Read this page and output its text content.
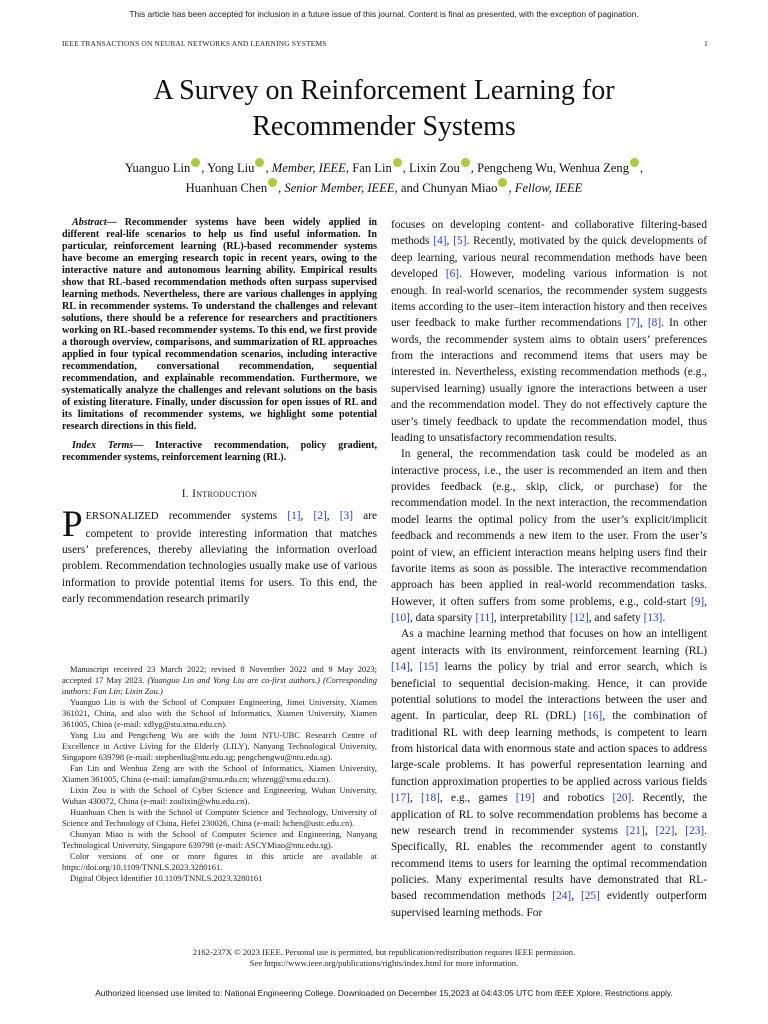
This article has been accepted for inclusion in a future issue of this journal. Content is final as presented, with the exception of pagination.
IEEE TRANSACTIONS ON NEURAL NETWORKS AND LEARNING SYSTEMS	1
A Survey on Reinforcement Learning for
Recommender Systems
Yuanguo Lin , Yong Liu , Member, IEEE, Fan Lin , Lixin Zou , Pengcheng Wu, Wenhua Zeng ,
Huanhuan Chen , Senior Member, IEEE, and Chunyan Miao , Fellow, IEEE

Abstract— Recommender systems have been widely applied in different real-life scenarios to help us find useful information. In particular, reinforcement learning (RL)-based recommender systems have become an emerging research topic in recent years, owing to the interactive nature and autonomous learning ability. Empirical results show that RL-based recommendation methods often surpass supervised learning methods. Nevertheless, there are various challenges in applying RL in recommender systems. To understand the challenges and relevant solutions, there should be a reference for researchers and practitioners working on RL-based recommender systems. To this end, we first provide a thorough overview, comparisons, and summarization of RL approaches applied in four typical recommendation scenarios, including interactive recommendation, conversational recommendation, sequential recommendation, and explainable recommendation. Furthermore, we systematically analyze the challenges and relevant solutions on the basis of existing literature. Finally, under discussion for open issues of RL and its limitations of recommender systems, we highlight some potential research directions in this field.

Index Terms— Interactive recommendation, policy gradient, recommender systems, reinforcement learning (RL).

I. Introduction

PERSONALIZED recommender systems [1], [2], [3] are competent to provide interesting information that matches users’ preferences, thereby alleviating the information overload problem. Recommendation technologies usually make use of various information to provide potential items for users. To this end, the early recommendation research primarily

Manuscript received 23 March 2022; revised 8 November 2022 and 9 May 2023; accepted 17 May 2023. (Yuanguo Lin and Yong Liu are co-first authors.) (Corresponding authors: Fan Lin; Lixin Zou.)

Yuanguo Lin is with the School of Computer Engineering, Jimei University, Xiamen 361021, China, and also with the School of Informatics, Xiamen University, Xiamen 361005, China (e-mail: xdlyg@stu.xmu.edu.cn).

Yong Liu and Pengcheng Wu are with the Joint NTU-UBC Research Centre of Excellence in Active Living for the Elderly (LILY), Nanyang Technological University, Singapore 639798 (e-mail: stephenliu@ntu.edu.sg; pengchengwu@ntu.edu.sg).

Fan Lin and Wenhua Zeng are with the School of Informatics, Xiamen University, Xiamen 361005, China (e-mail: iamafan@xmu.edu.cn; whzeng@xmu.edu.cn).

Lixin Zou is with the School of Cyber Science and Engineering, Wuhan University, Wuhan 430072, China (e-mail: zoulixin@whu.edu.cn).

Huanhuan Chen is with the School of Computer Science and Technology, University of Science and Technology of China, Hefei 230026, China (e-mail: hchen@ustc.edu.cn).

Chunyan Miao is with the School of Computer Science and Engineering, Nanyang Technological University, Singapore 639798 (e-mail: ASCYMiao@ntu.edu.sg).

Color versions of one or more figures in this article are available at https://doi.org/10.1109/TNNLS.2023.3280161.

Digital Object Identifier 10.1109/TNNLS.2023.3280161

focuses on developing content- and collaborative filtering-based methods [4], [5]. Recently, motivated by the quick developments of deep learning, various neural recommendation methods have been developed [6]. However, modeling various information is not enough. In real-world scenarios, the recommender system suggests items according to the user–item interaction history and then receives user feedback to make further recommendations [7], [8]. In other words, the recommender system aims to obtain users’ preferences from the interactions and recommend items that users may be interested in. Nevertheless, existing recommendation methods (e.g., supervised learning) usually ignore the interactions between a user and the recommendation model. They do not effectively capture the user’s timely feedback to update the recommendation model, thus leading to unsatisfactory recommendation results.

In general, the recommendation task could be modeled as an interactive process, i.e., the user is recommended an item and then provides feedback (e.g., skip, click, or purchase) for the recommendation model. In the next interaction, the recommendation model learns the optimal policy from the user’s explicit/implicit feedback and recommends a new item to the user. From the user’s point of view, an efficient interaction means helping users find their favorite items as soon as possible. The interactive recommendation approach has been applied in real-world recommendation tasks. However, it often suffers from some problems, e.g., cold-start [9], [10], data sparsity [11], interpretability [12], and safety [13].

As a machine learning method that focuses on how an intelligent agent interacts with its environment, reinforcement learning (RL) [14], [15] learns the policy by trial and error search, which is beneficial to sequential decision-making. Hence, it can provide potential solutions to model the interactions between the user and agent. In particular, deep RL (DRL) [16], the combination of traditional RL with deep learning methods, is competent to learn from historical data with enormous state and action spaces to address large-scale problems. It has powerful representation learning and function approximation properties to be applied across various fields [17], [18], e.g., games [19] and robotics [20]. Recently, the application of RL to solve recommendation problems has become a new research trend in recommender systems [21], [22], [23]. Specifically, RL enables the recommender agent to constantly recommend items to users for learning the optimal recommendation policies. Many experimental results have demonstrated that RL-based recommendation methods [24], [25] evidently outperform supervised learning methods. For

2162-237X © 2023 IEEE. Personal use is permitted, but republication/redistribution requires IEEE permission.
See https://www.ieee.org/publications/rights/index.html for more information.
Authorized licensed use limited to: National Engineering College. Downloaded on December 15,2023 at 04:43:05 UTC from IEEE Xplore. Restrictions apply.
